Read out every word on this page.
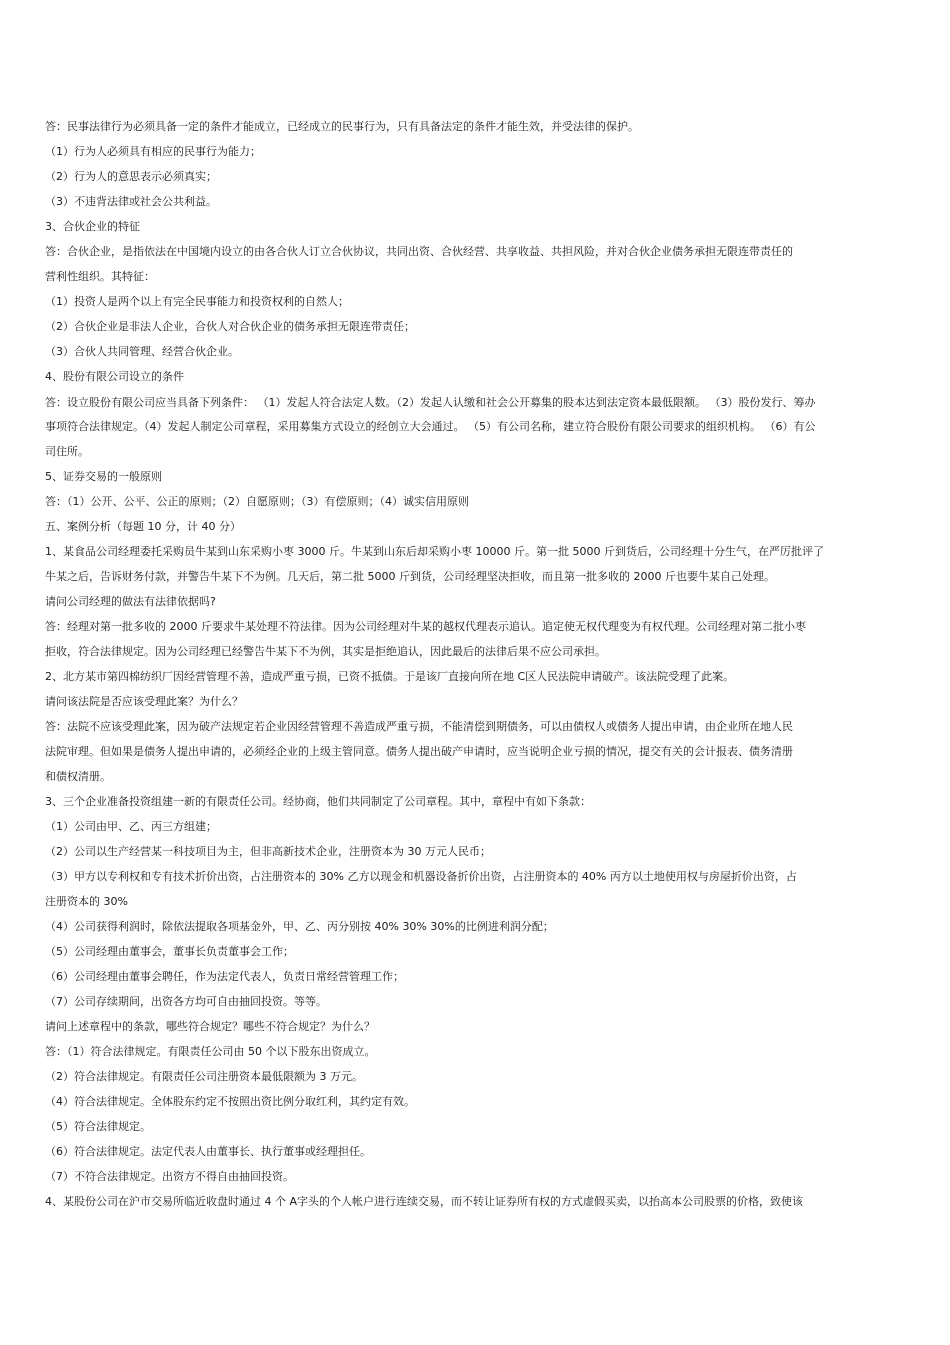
答：民事法律行为必须具备一定的条件才能成立，已经成立的民事行为，只有具备法定的条件才能生效，并受法律的保护。
（1）行为人必须具有相应的民事行为能力；
（2）行为人的意思表示必须真实；
（3）不违背法律或社会公共利益。
3、合伙企业的特征
答：合伙企业，是指依法在中国境内设立的由各合伙人订立合伙协议，共同出资、合伙经营、共享收益、共担风险，并对合伙企业债务承担无限连带责任的
营利性组织。其特征：
（1）投资人是两个以上有完全民事能力和投资权利的自然人；
（2）合伙企业是非法人企业，合伙人对合伙企业的债务承担无限连带责任；
（3）合伙人共同管理、经营合伙企业。
4、股份有限公司设立的条件
答：设立股份有限公司应当具备下列条件： （1）发起人符合法定人数。（2）发起人认缴和社会公开募集的股本达到法定资本最低限额。 （3）股份发行、筹办
事项符合法律规定。（4）发起人制定公司章程，采用募集方式设立的经创立大会通过。 （5）有公司名称，建立符合股份有限公司要求的组织机构。 （6）有公
司住所。
5、证券交易的一般原则
答：（1）公开、公平、公正的原则；（2）自愿原则；（3）有偿原则；（4）诚实信用原则
五、案例分析（每题 10 分，计 40 分）
1、某食品公司经理委托采购员牛某到山东采购小枣 3000 斤。牛某到山东后却采购小枣 10000 斤。第一批 5000 斤到货后，公司经理十分生气，在严厉批评了
牛某之后，告诉财务付款，并警告牛某下不为例。几天后，第二批 5000 斤到货，公司经理坚决拒收，而且第一批多收的 2000 斤也要牛某自己处理。
请问公司经理的做法有法律依据吗?
答：经理对第一批多收的 2000 斤要求牛某处理不符法律。因为公司经理对牛某的越权代理表示追认。追定使无权代理变为有权代理。公司经理对第二批小枣
拒收，符合法律规定。因为公司经理已经警告牛某下不为例，其实是拒绝追认，因此最后的法律后果不应公司承担。
2、北方某市第四棉纺织厂因经营管理不善，造成严重亏损，已资不抵债。于是该厂直接向所在地 C区人民法院申请破产。该法院受理了此案。
请问该法院是否应该受理此案？为什么？
答：法院不应该受理此案，因为破产法规定若企业因经营管理不善造成严重亏损，不能清偿到期债务，可以由债权人或债务人提出申请，由企业所在地人民
法院审理。但如果是债务人提出申请的，必须经企业的上级主管同意。债务人提出破产申请时，应当说明企业亏损的情况，提交有关的会计报表、债务清册
和债权清册。
3、三个企业准备投资组建一新的有限责任公司。经协商，他们共同制定了公司章程。其中，章程中有如下条款：
（1）公司由甲、乙、丙三方组建；
（2）公司以生产经营某一科技项目为主，但非高新技术企业，注册资本为 30 万元人民币；
（3）甲方以专利权和专有技术折价出资，占注册资本的 30% 乙方以现金和机器设备折价出资，占注册资本的 40% 丙方以土地使用权与房屋折价出资，占
注册资本的 30%
（4）公司获得利润时，除依法提取各项基金外，甲、乙、丙分别按 40% 30% 30%的比例进利润分配；
（5）公司经理由董事会，董事长负责董事会工作；
（6）公司经理由董事会聘任，作为法定代表人，负责日常经营管理工作；
（7）公司存续期间，出资各方均可自由抽回投资。等等。
请问上述章程中的条款，哪些符合规定？哪些不符合规定？为什么？
答：（1）符合法律规定。有限责任公司由 50 个以下股东出资成立。
（2）符合法律规定。有限责任公司注册资本最低限额为 3 万元。
（4）符合法律规定。全体股东约定不按照出资比例分取红利，其约定有效。
（5）符合法律规定。
（6）符合法律规定。法定代表人由董事长、执行董事或经理担任。
（7）不符合法律规定。出资方不得自由抽回投资。
4、某股份公司在沪市交易所临近收盘时通过 4 个 A字头的个人帐户进行连续交易，而不转让证券所有权的方式虚假买卖，以抬高本公司股票的价格，致使该
